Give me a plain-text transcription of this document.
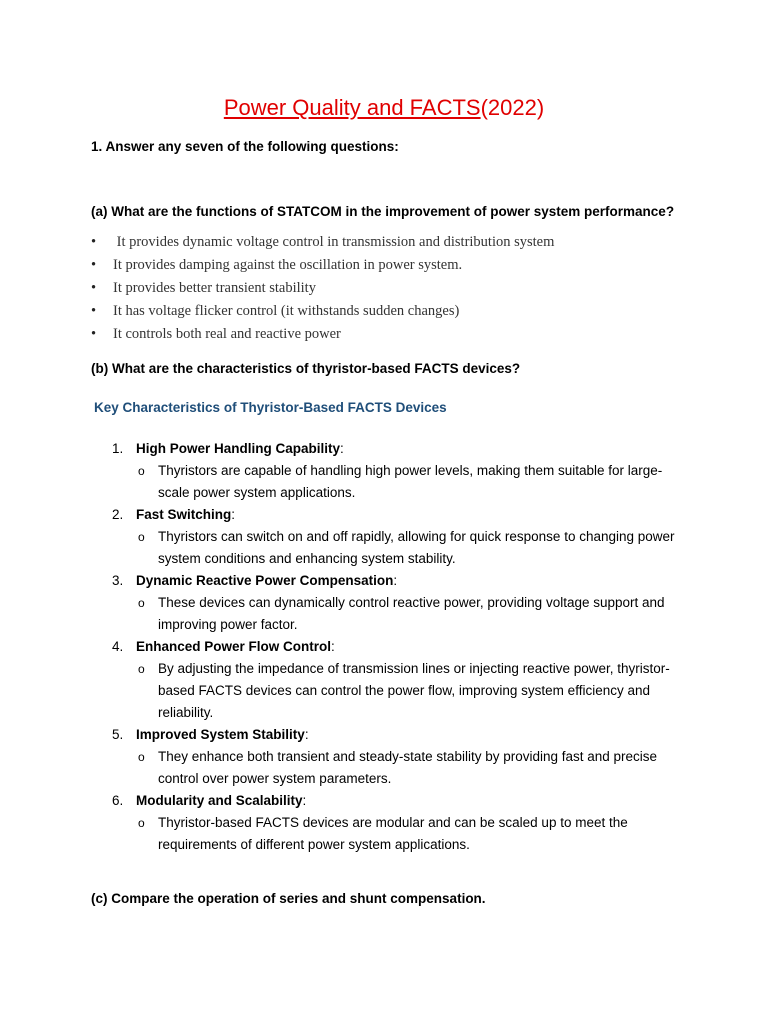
Power Quality and FACTS(2022)
1. Answer any seven of the following questions:
(a) What are the functions of STATCOM in the improvement of power system performance?
• It provides dynamic voltage control in transmission and distribution system
• It provides damping against the oscillation in power system.
• It provides better transient stability
• It has voltage flicker control (it withstands sudden changes)
• It controls both real and reactive power
(b) What are the characteristics of thyristor-based FACTS devices?
Key Characteristics of Thyristor-Based FACTS Devices
1. High Power Handling Capability:
o Thyristors are capable of handling high power levels, making them suitable for large-scale power system applications.
2. Fast Switching:
o Thyristors can switch on and off rapidly, allowing for quick response to changing power system conditions and enhancing system stability.
3. Dynamic Reactive Power Compensation:
o These devices can dynamically control reactive power, providing voltage support and improving power factor.
4. Enhanced Power Flow Control:
o By adjusting the impedance of transmission lines or injecting reactive power, thyristor-based FACTS devices can control the power flow, improving system efficiency and reliability.
5. Improved System Stability:
o They enhance both transient and steady-state stability by providing fast and precise control over power system parameters.
6. Modularity and Scalability:
o Thyristor-based FACTS devices are modular and can be scaled up to meet the requirements of different power system applications.
(c) Compare the operation of series and shunt compensation.
